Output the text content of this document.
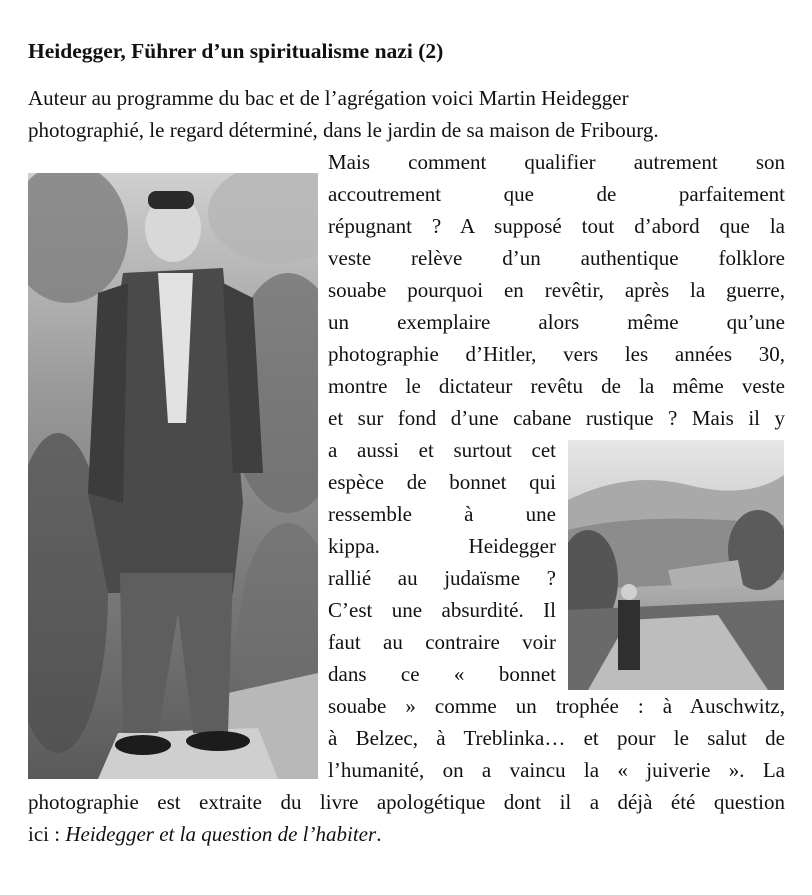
Heidegger, Führer d’un spiritualisme nazi (2)

Auteur au programme du bac et de l’agrégation voici Martin Heidegger

photographié, le regard déterminé, dans le jardin de sa maison de Fribourg.

Mais comment qualifier autrement son

accoutrement que de parfaitement

répugnant ? A supposé tout d’abord que la

veste relève d’un authentique folklore

souabe pourquoi en revêtir, après la guerre,

un exemplaire alors même qu’une

photographie d’Hitler, vers les années 30,

montre le dictateur revêtu de la même veste

et sur fond d’une cabane rustique ? Mais il y

a aussi et surtout cet

espèce de bonnet qui

ressemble à une

kippa. Heidegger

rallié au judaïsme ?

C’est une absurdité. Il

faut au contraire voir

dans ce « bonnet

souabe » comme un trophée : à Auschwitz,

à Belzec, à Treblinka… et pour le salut de

l’humanité, on a vaincu la « juiverie ». La

photographie est extraite du livre apologétique dont il a déjà été question

ici : Heidegger et la question de l’habiter.
